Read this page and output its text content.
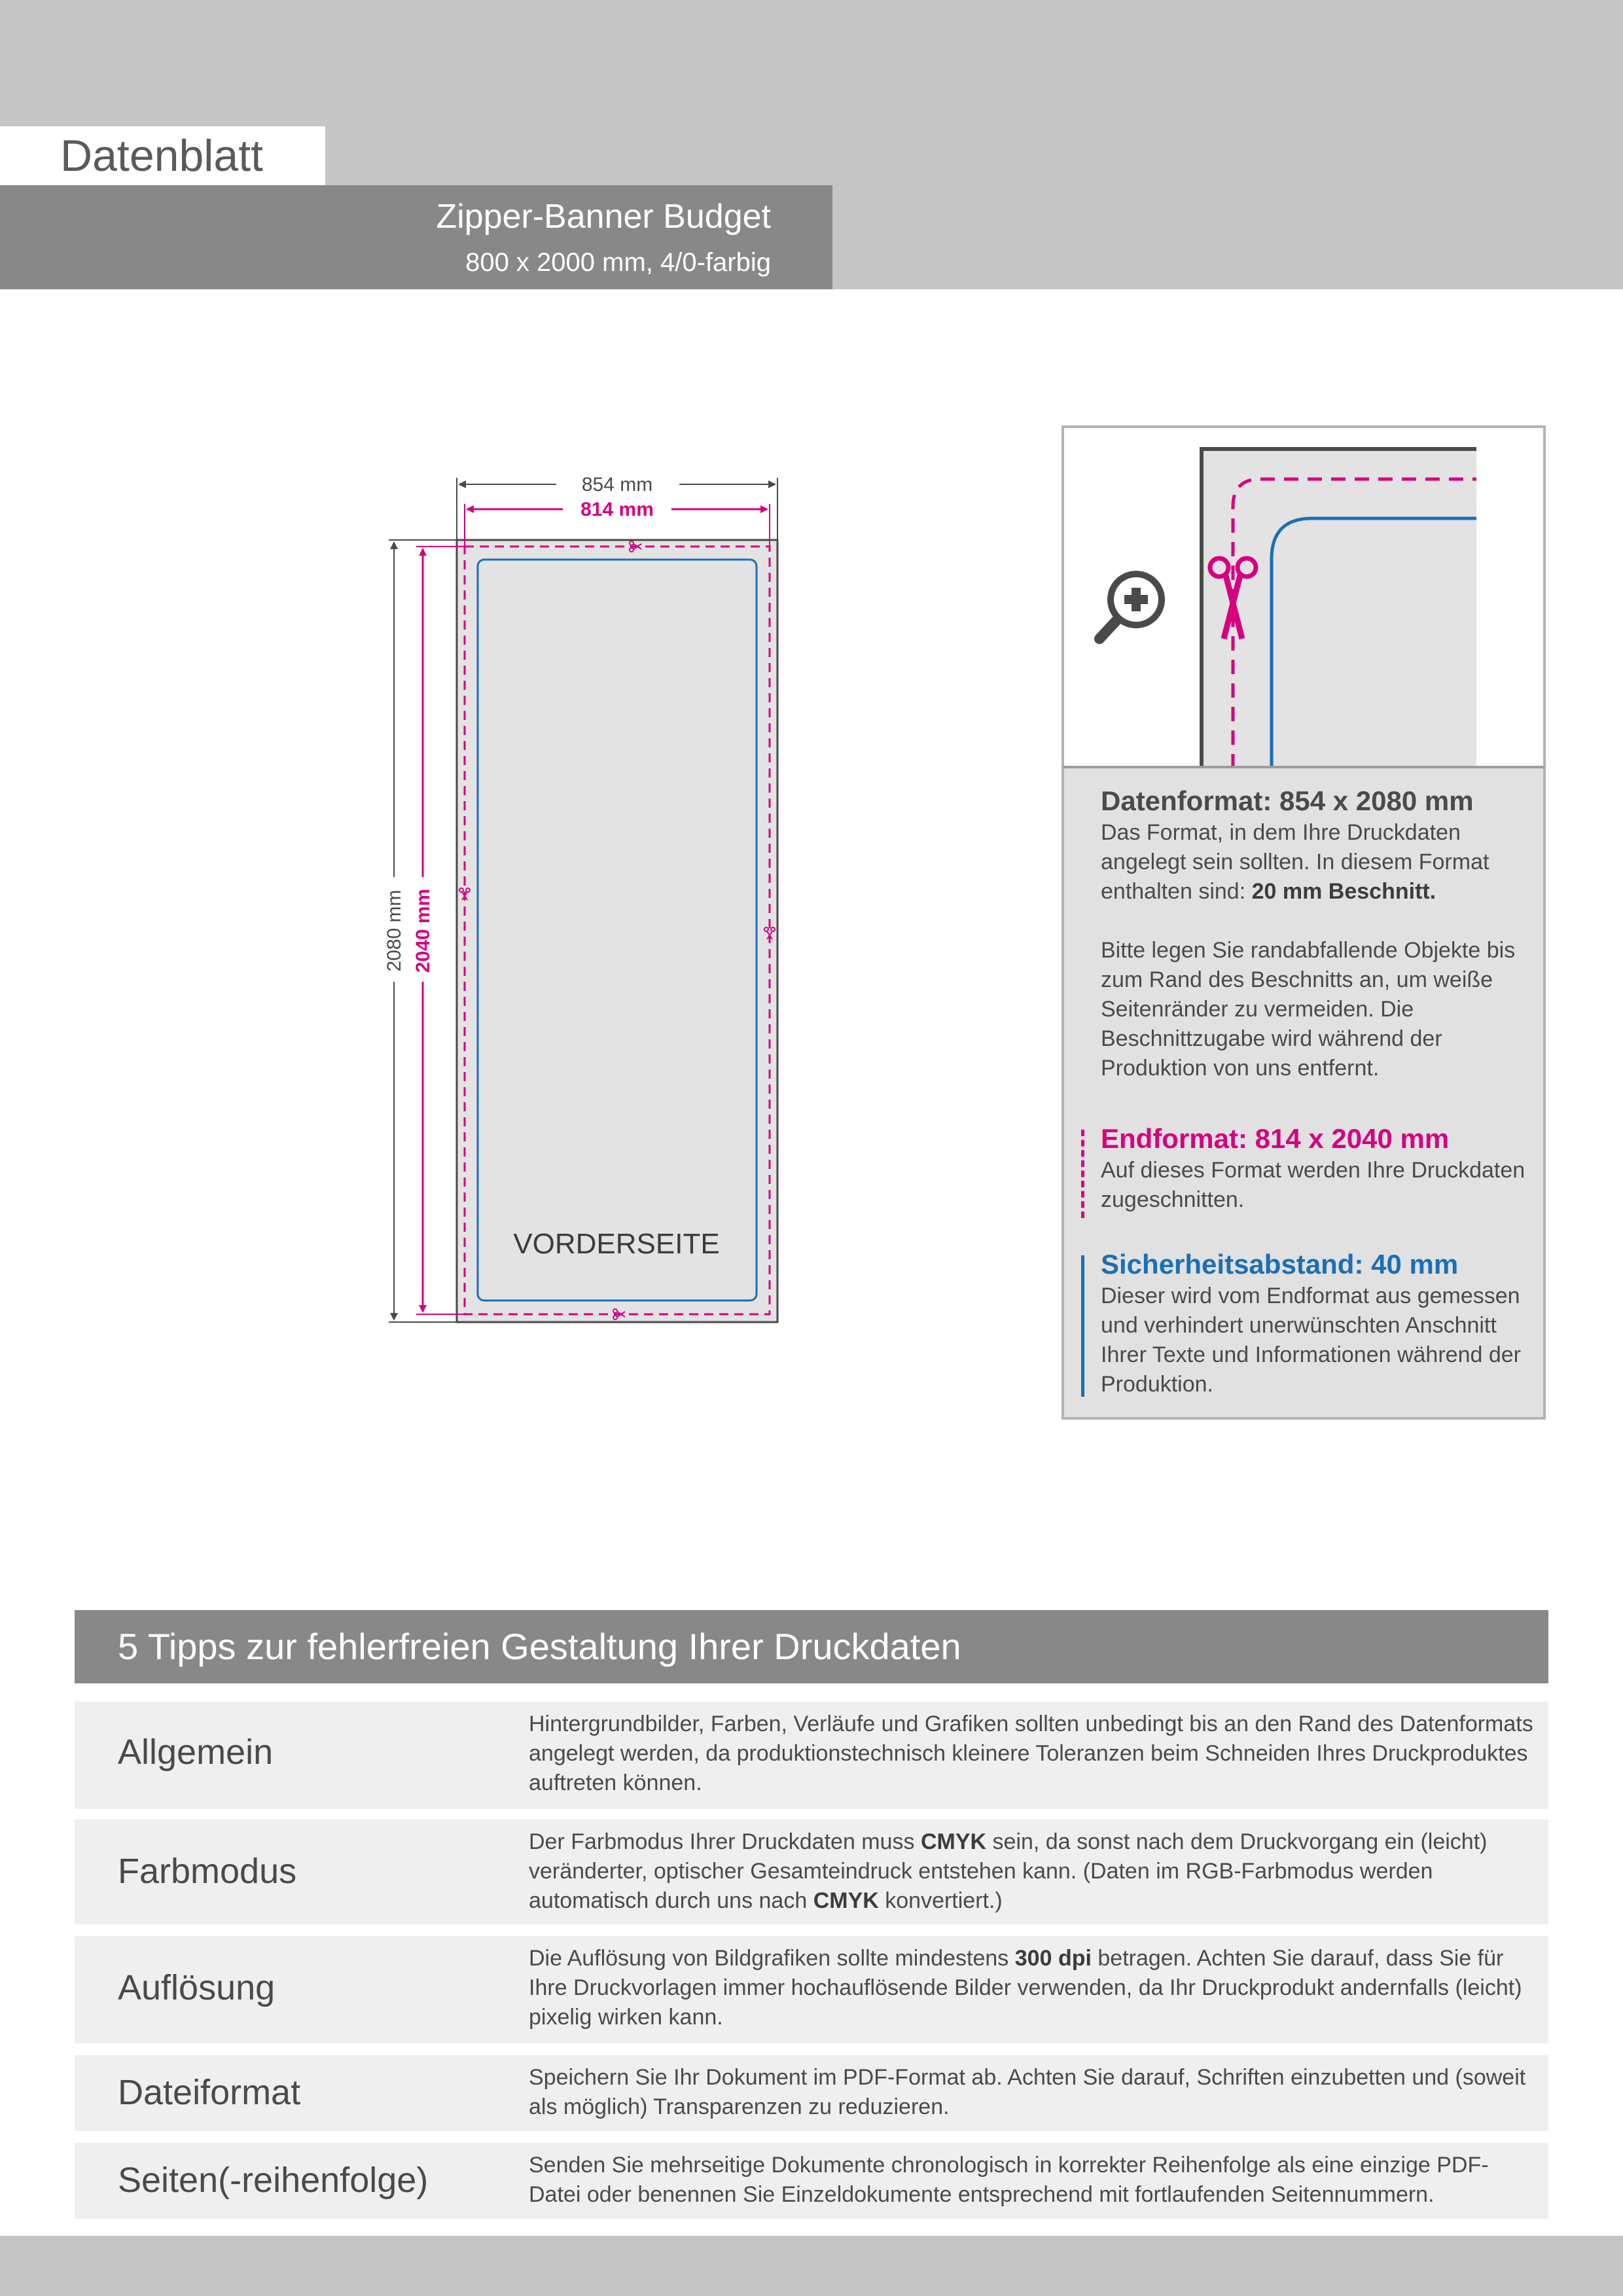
Datenblatt
Zipper-Banner Budget
800 x 2000 mm, 4/0-farbig
854 mm
814 mm
2080 mm 2040 mm
VORDERSEITE
Datenformat: 854 x 2080 mm
Das Format, in dem Ihre Druckdaten angelegt sein sollten. In diesem Format enthalten sind: 20 mm Beschnitt.
Bitte legen Sie randabfallende Objekte bis zum Rand des Beschnitts an, um weiße Seitenränder zu vermeiden. Die Beschnittzugabe wird während der Produktion von uns entfernt.
Endformat: 814 x 2040 mm
Auf dieses Format werden Ihre Druckdaten zugeschnitten.
Sicherheitsabstand: 40 mm
Dieser wird vom Endformat aus gemessen und verhindert unerwünschten Anschnitt Ihrer Texte und Informationen während der Produktion.
5 Tipps zur fehlerfreien Gestaltung Ihrer Druckdaten
Allgemein
Hintergrundbilder, Farben, Verläufe und Grafiken sollten unbedingt bis an den Rand des Datenformats angelegt werden, da produktionstechnisch kleinere Toleranzen beim Schneiden Ihres Druckproduktes auftreten können.
Farbmodus
Der Farbmodus Ihrer Druckdaten muss CMYK sein, da sonst nach dem Druckvorgang ein (leicht) veränderter, optischer Gesamteindruck entstehen kann. (Daten im RGB-Farbmodus werden automatisch durch uns nach CMYK konvertiert.)
Auflösung
Die Auflösung von Bildgrafiken sollte mindestens 300 dpi betragen. Achten Sie darauf, dass Sie für Ihre Druckvorlagen immer hochauflösende Bilder verwenden, da Ihr Druckprodukt andernfalls (leicht) pixelig wirken kann.
Dateiformat	Speichern Sie Ihr Dokument im PDF-Format ab. Achten Sie darauf, Schriften einzubetten und (soweit als möglich) Transparenzen zu reduzieren.
Seiten(-reihenfolge)	Senden Sie mehrseitige Dokumente chronologisch in korrekter Reihenfolge als eine einzige PDF-Datei oder benennen Sie Einzeldokumente entsprechend mit fortlaufenden Seitennummern.
